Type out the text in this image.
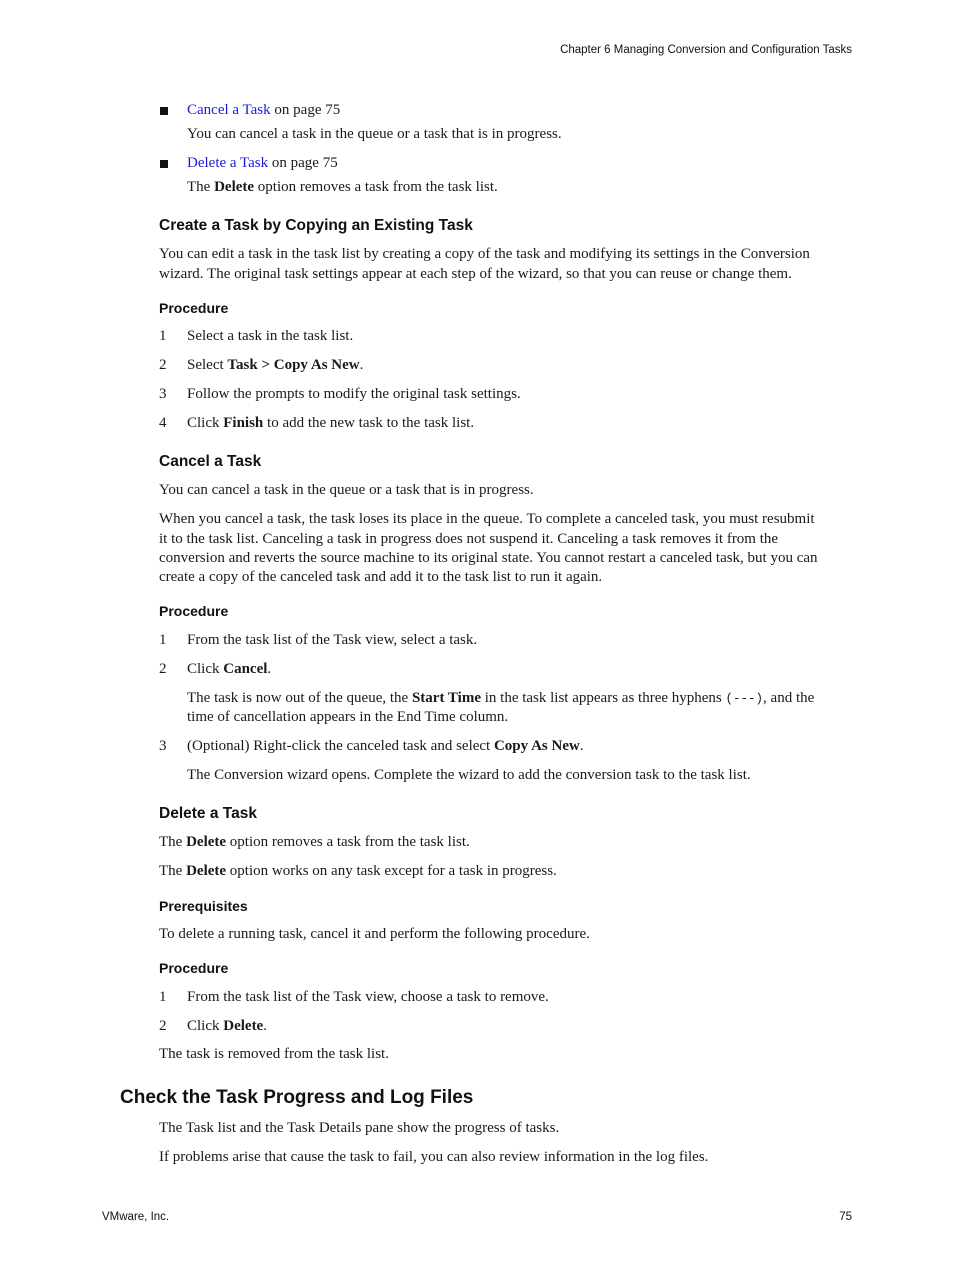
Chapter 6 Managing Conversion and Configuration Tasks
Cancel a Task on page 75
You can cancel a task in the queue or a task that is in progress.
Delete a Task on page 75
The Delete option removes a task from the task list.
Create a Task by Copying an Existing Task
You can edit a task in the task list by creating a copy of the task and modifying its settings in the Conversion
wizard. The original task settings appear at each step of the wizard, so that you can reuse or change them.
Procedure
1 Select a task in the task list.
2 Select Task > Copy As New.
3 Follow the prompts to modify the original task settings.
4 Click Finish to add the new task to the task list.
Cancel a Task
You can cancel a task in the queue or a task that is in progress.
When you cancel a task, the task loses its place in the queue. To complete a canceled task, you must resubmit
it to the task list. Canceling a task in progress does not suspend it. Canceling a task removes it from the
conversion and reverts the source machine to its original state. You cannot restart a canceled task, but you can
create a copy of the canceled task and add it to the task list to run it again.
Procedure
1 From the task list of the Task view, select a task.
2 Click Cancel.
The task is now out of the queue, the Start Time in the task list appears as three hyphens (---), and the
time of cancellation appears in the End Time column.
3 (Optional) Right-click the canceled task and select Copy As New.
The Conversion wizard opens. Complete the wizard to add the conversion task to the task list.
Delete a Task
The Delete option removes a task from the task list.
The Delete option works on any task except for a task in progress.
Prerequisites
To delete a running task, cancel it and perform the following procedure.
Procedure
1 From the task list of the Task view, choose a task to remove.
2 Click Delete.
The task is removed from the task list.
Check the Task Progress and Log Files
The Task list and the Task Details pane show the progress of tasks.
If problems arise that cause the task to fail, you can also review information in the log files.
VMware, Inc.	75
